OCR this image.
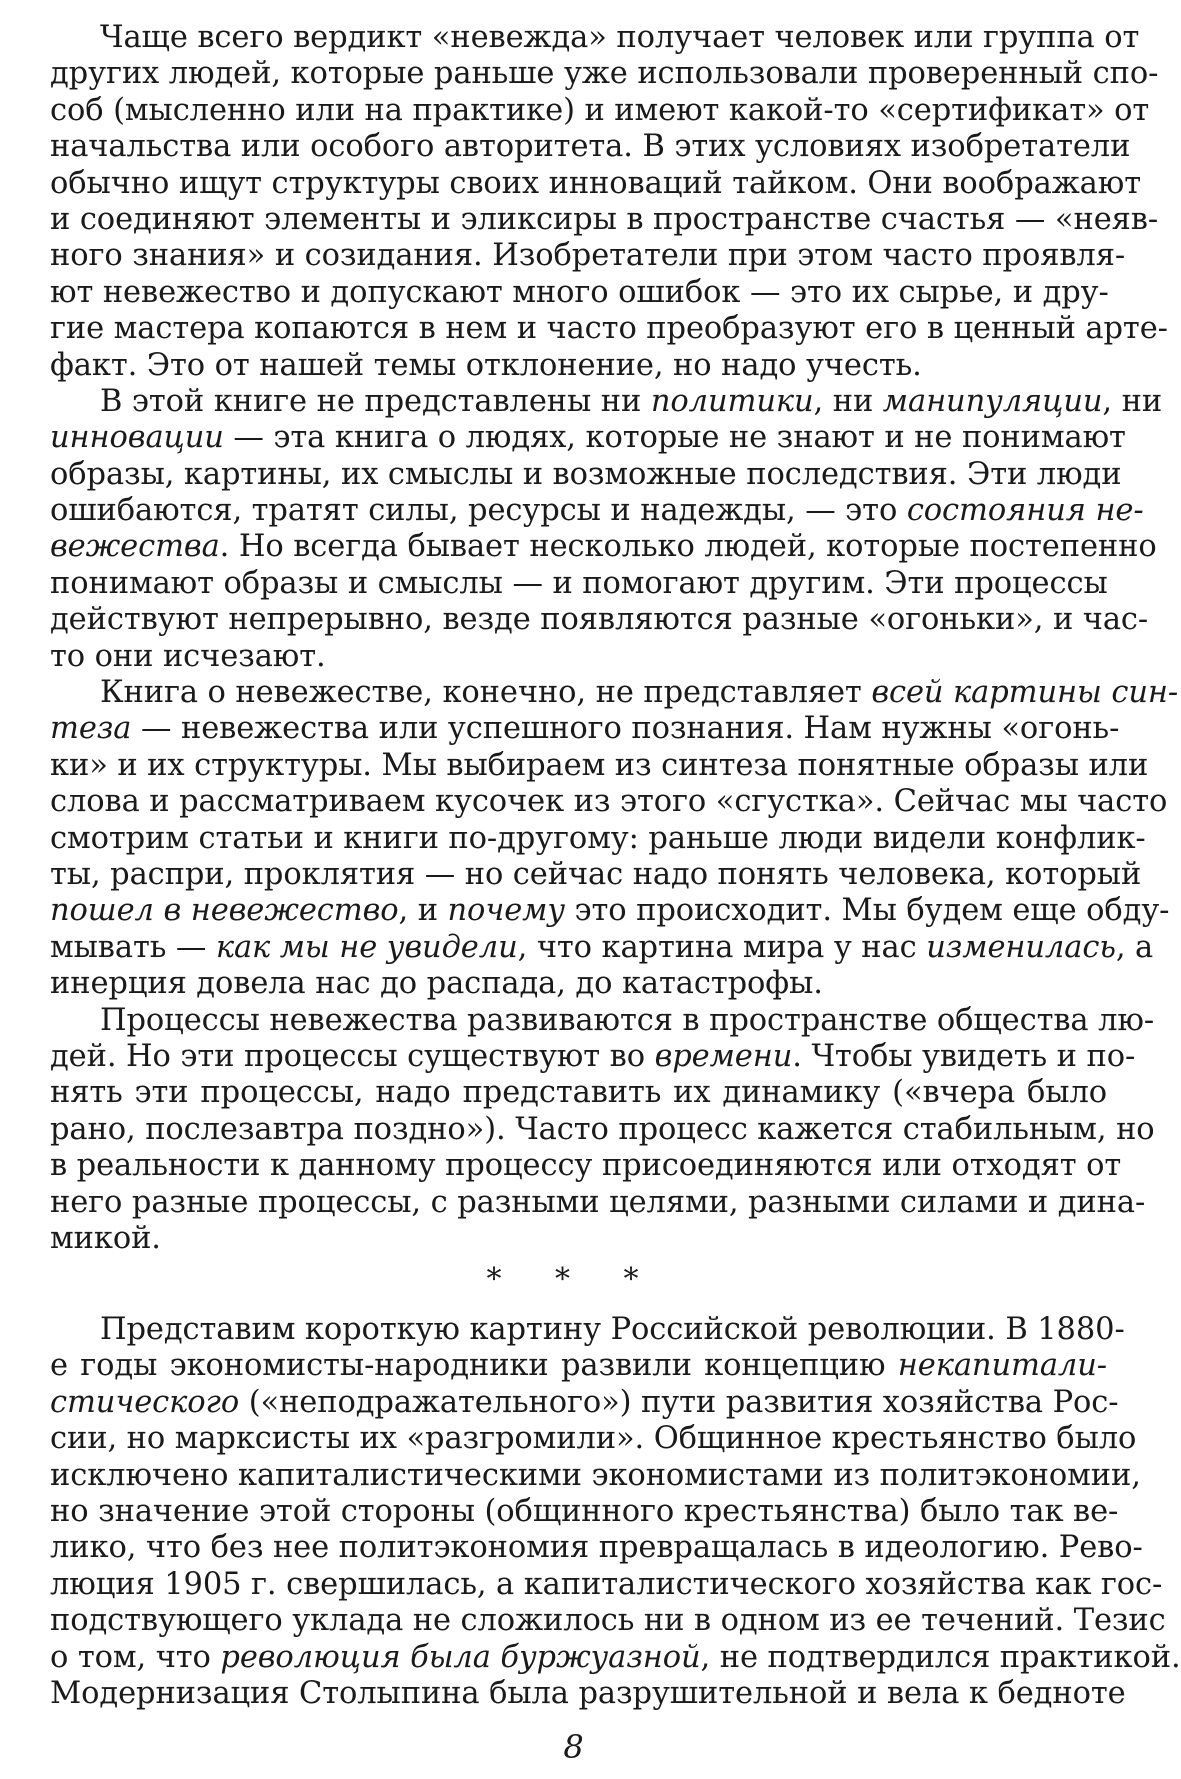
Чаще всего вердикт «невежда» получает человек или группа от
других людей, которые раньше уже использовали проверенный спо-
соб (мысленно или на практике) и имеют какой-то «сертификат» от
начальства или особого авторитета. В этих условиях изобретатели
обычно ищут структуры своих инноваций тайком. Они воображают
и соединяют элементы и эликсиры в пространстве счастья — «неяв-
ного знания» и созидания. Изобретатели при этом часто проявля-
ют невежество и допускают много ошибок — это их сырье, и дру-
гие мастера копаются в нем и часто преобразуют его в ценный арте-
факт. Это от нашей темы отклонение, но надо учесть.
В этой книге не представлены ни политики, ни манипуляции, ни
инновации — эта книга о людях, которые не знают и не понимают
образы, картины, их смыслы и возможные последствия. Эти люди
ошибаются, тратят силы, ресурсы и надежды, — это состояния не-
вежества. Но всегда бывает несколько людей, которые постепенно
понимают образы и смыслы — и помогают другим. Эти процессы
действуют непрерывно, везде появляются разные «огоньки», и час-
то они исчезают.
Книга о невежестве, конечно, не представляет всей картины син-
теза — невежества или успешного познания. Нам нужны «огонь-
ки» и их структуры. Мы выбираем из синтеза понятные образы или
слова и рассматриваем кусочек из этого «сгустка». Сейчас мы часто
смотрим статьи и книги по-другому: раньше люди видели конфлик-
ты, распри, проклятия — но сейчас надо понять человека, который
пошел в невежество, и почему это происходит. Мы будем еще обду-
мывать — как мы не увидели, что картина мира у нас изменилась, а
инерция довела нас до распада, до катастрофы.
Процессы невежества развиваются в пространстве общества лю-
дей. Но эти процессы существуют во времени. Чтобы увидеть и по-
нять эти процессы, надо представить их динамику («вчера было
рано, послезавтра поздно»). Часто процесс кажется стабильным, но
в реальности к данному процессу присоединяются или отходят от
него разные процессы, с разными целями, разными силами и дина-
микой.
* * *
Представим короткую картину Российской революции. В 1880-
е годы экономисты-народники развили концепцию некапитали-
стического («неподражательного») пути развития хозяйства Рос-
сии, но марксисты их «разгромили». Общинное крестьянство было
исключено капиталистическими экономистами из политэкономии,
но значение этой стороны (общинного крестьянства) было так ве-
лико, что без нее политэкономия превращалась в идеологию. Рево-
люция 1905 г. свершилась, а капиталистического хозяйства как гос-
подствующего уклада не сложилось ни в одном из ее течений. Тезис
о том, что революция была буржуазной, не подтвердился практикой.
Модернизация Столыпина была разрушительной и вела к бедноте
8
